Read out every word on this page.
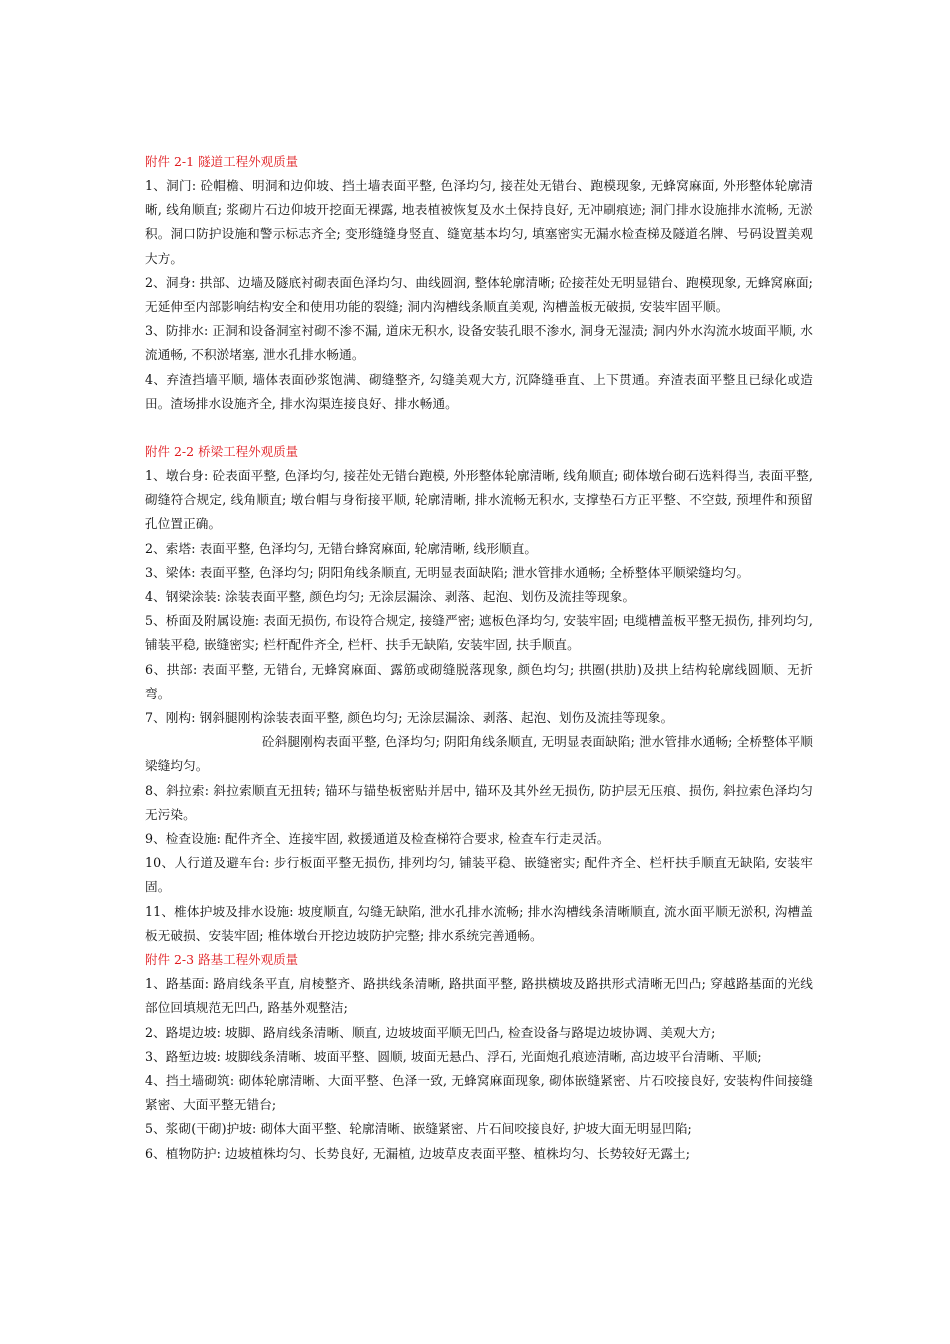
附件 2-1 隧道工程外观质量

1、洞门: 砼帽檐、明洞和边仰坡、挡土墙表面平整, 色泽均匀, 接茬处无错台、跑模现象, 无蜂窝麻面, 外形整体轮廓清晰, 线角顺直; 浆砌片石边仰坡开挖面无裸露, 地表植被恢复及水土保持良好, 无冲刷痕迹; 洞门排水设施排水流畅, 无淤积。洞口防护设施和警示标志齐全; 变形缝缝身竖直、缝宽基本均匀, 填塞密实无漏水检查梯及隧道名牌、号码设置美观大方。

2、洞身: 拱部、边墙及隧底衬砌表面色泽均匀、曲线圆润, 整体轮廓清晰; 砼接茬处无明显错台、跑模现象, 无蜂窝麻面; 无延伸至内部影响结构安全和使用功能的裂缝; 洞内沟槽线条顺直美观, 沟槽盖板无破损, 安装牢固平顺。

3、防排水: 正洞和设备洞室衬砌不渗不漏, 道床无积水, 设备安装孔眼不渗水, 洞身无湿渍; 洞内外水沟流水坡面平顺, 水流通畅, 不积淤堵塞, 泄水孔排水畅通。

4、弃渣挡墙平顺, 墙体表面砂浆饱满、砌缝整齐, 勾缝美观大方, 沉降缝垂直、上下贯通。弃渣表面平整且已绿化或造田。渣场排水设施齐全, 排水沟渠连接良好、排水畅通。

附件 2-2 桥梁工程外观质量

1、墩台身: 砼表面平整, 色泽均匀, 接茬处无错台跑模, 外形整体轮廓清晰, 线角顺直; 砌体墩台砌石选料得当, 表面平整, 砌缝符合规定, 线角顺直; 墩台帽与身衔接平顺, 轮廓清晰, 排水流畅无积水, 支撑垫石方正平整、不空鼓, 预埋件和预留孔位置正确。

2、索塔: 表面平整, 色泽均匀, 无错台蜂窝麻面, 轮廓清晰, 线形顺直。

3、梁体: 表面平整, 色泽均匀; 阴阳角线条顺直, 无明显表面缺陷; 泄水管排水通畅; 全桥整体平顺梁缝均匀。

4、钢梁涂装: 涂装表面平整, 颜色均匀; 无涂层漏涂、剥落、起泡、划伤及流挂等现象。

5、桥面及附属设施: 表面无损伤, 布设符合规定, 接缝严密; 遮板色泽均匀, 安装牢固; 电缆槽盖板平整无损伤, 排列均匀, 铺装平稳, 嵌缝密实; 栏杆配件齐全, 栏杆、扶手无缺陷, 安装牢固, 扶手顺直。

6、拱部: 表面平整, 无错台, 无蜂窝麻面、露筋或砌缝脱落现象, 颜色均匀; 拱圈(拱肋)及拱上结构轮廓线圆顺、无折弯。

7、刚构: 钢斜腿刚构涂装表面平整, 颜色均匀; 无涂层漏涂、剥落、起泡、划伤及流挂等现象。

砼斜腿刚构表面平整, 色泽均匀; 阴阳角线条顺直, 无明显表面缺陷; 泄水管排水通畅; 全桥整体平顺梁缝均匀。

8、斜拉索: 斜拉索顺直无扭转; 锚环与锚垫板密贴并居中, 锚环及其外丝无损伤, 防护层无压痕、损伤, 斜拉索色泽均匀无污染。

9、检查设施: 配件齐全、连接牢固, 救援通道及检查梯符合要求, 检查车行走灵活。

10、人行道及避车台: 步行板面平整无损伤, 排列均匀, 铺装平稳、嵌缝密实; 配件齐全、栏杆扶手顺直无缺陷, 安装牢固。

11、椎体护坡及排水设施: 坡度顺直, 勾缝无缺陷, 泄水孔排水流畅; 排水沟槽线条清晰顺直, 流水面平顺无淤积, 沟槽盖板无破损、安装牢固; 椎体墩台开挖边坡防护完整; 排水系统完善通畅。

附件 2-3 路基工程外观质量

1、路基面: 路肩线条平直, 肩棱整齐、路拱线条清晰, 路拱面平整, 路拱横坡及路拱形式清晰无凹凸; 穿越路基面的光线部位回填规范无凹凸, 路基外观整洁;

2、路堤边坡: 坡脚、路肩线条清晰、顺直, 边坡坡面平顺无凹凸, 检查设备与路堤边坡协调、美观大方;

3、路堑边坡: 坡脚线条清晰、坡面平整、圆顺, 坡面无悬凸、浮石, 光面炮孔痕迹清晰, 高边坡平台清晰、平顺;

4、挡土墙砌筑: 砌体轮廓清晰、大面平整、色泽一致, 无蜂窝麻面现象, 砌体嵌缝紧密、片石咬接良好, 安装构件间接缝紧密、大面平整无错台;

5、浆砌(干砌)护坡: 砌体大面平整、轮廓清晰、嵌缝紧密、片石间咬接良好, 护坡大面无明显凹陷;

6、植物防护: 边坡植株均匀、长势良好, 无漏植, 边坡草皮表面平整、植株均匀、长势较好无露土;
